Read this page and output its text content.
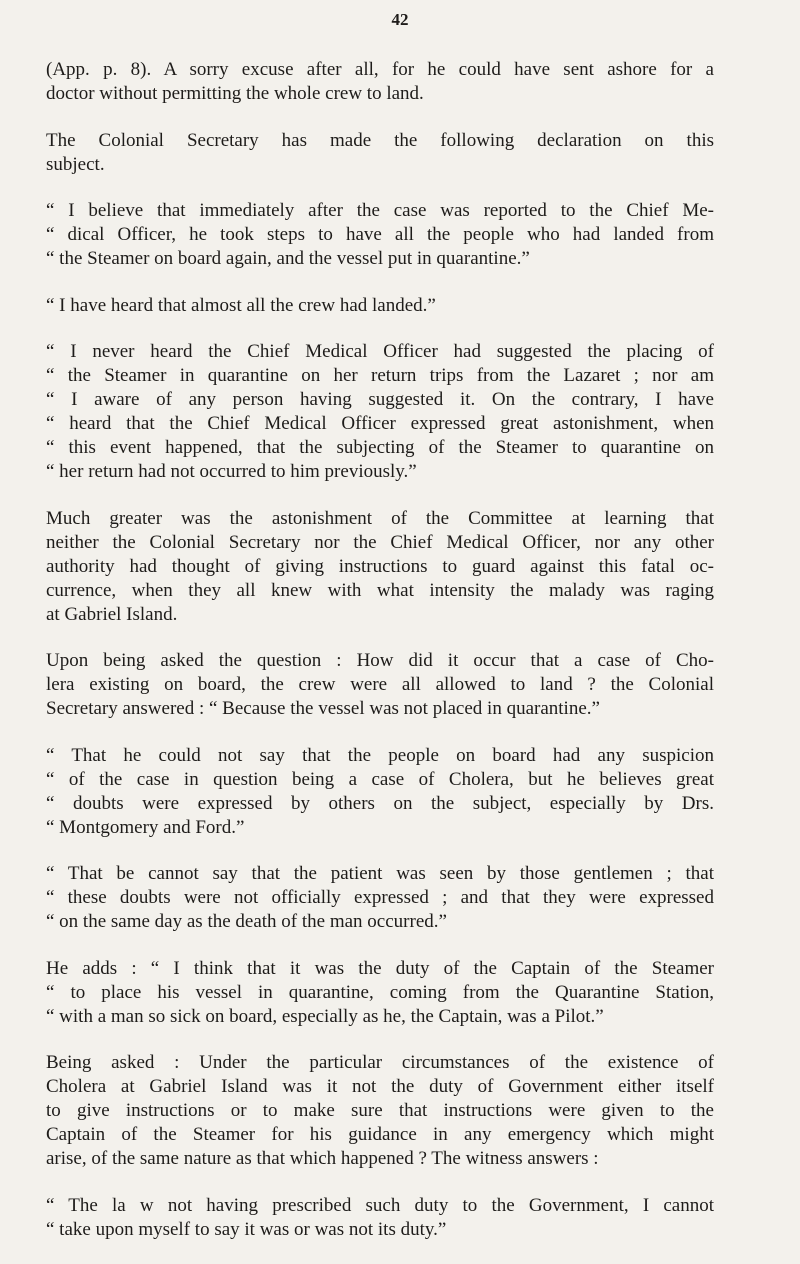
42

(App. p. 8). A sorry excuse after all, for he could have sent ashore for a
doctor without permitting the whole crew to land.

The Colonial Secretary has made the following declaration on this
subject.

“ I believe that immediately after the case was reported to the Chief Me-
“ dical Officer, he took steps to have all the people who had landed from
“ the Steamer on board again, and the vessel put in quarantine.”

“ I have heard that almost all the crew had landed.”

“ I never heard the Chief Medical Officer had suggested the placing of
“ the Steamer in quarantine on her return trips from the Lazaret ; nor am
“ I aware of any person having suggested it. On the contrary, I have
“ heard that the Chief Medical Officer expressed great astonishment, when
“ this event happened, that the subjecting of the Steamer to quarantine on
“ her return had not occurred to him previously.”

Much greater was the astonishment of the Committee at learning that
neither the Colonial Secretary nor the Chief Medical Officer, nor any other
authority had thought of giving instructions to guard against this fatal oc-
currence, when they all knew with what intensity the malady was raging
at Gabriel Island.

Upon being asked the question : How did it occur that a case of Cho-
lera existing on board, the crew were all allowed to land ? the Colonial
Secretary answered : “ Because the vessel was not placed in quarantine.”

“ That he could not say that the people on board had any suspicion
“ of the case in question being a case of Cholera, but he believes great
“ doubts were expressed by others on the subject, especially by Drs.
“ Montgomery and Ford.”

“ That be cannot say that the patient was seen by those gentlemen ; that
“ these doubts were not officially expressed ; and that they were expressed
“ on the same day as the death of the man occurred.”

He adds : “ I think that it was the duty of the Captain of the Steamer
“ to place his vessel in quarantine, coming from the Quarantine Station,
“ with a man so sick on board, especially as he, the Captain, was a Pilot.”

Being asked : Under the particular circumstances of the existence of
Cholera at Gabriel Island was it not the duty of Government either itself
to give instructions or to make sure that instructions were given to the
Captain of the Steamer for his guidance in any emergency which might
arise, of the same nature as that which happened ? The witness answers :

“ The la w not having prescribed such duty to the Government, I cannot
“ take upon myself to say it was or was not its duty.”
